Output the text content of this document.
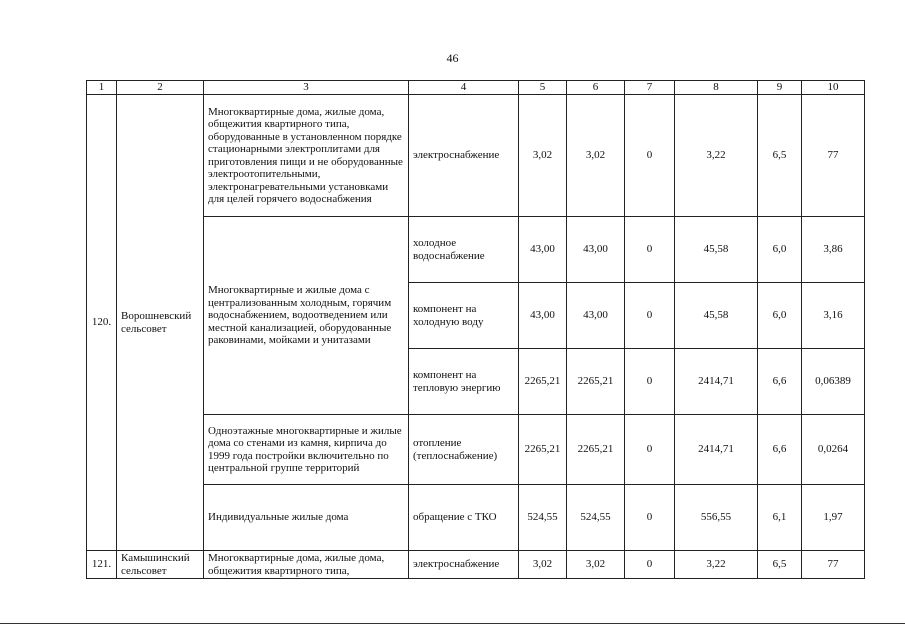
46
1	2	3	4	5	6	7	8	9	10
120.	Ворошневский сельсовет	Многоквартирные дома, жилые дома, общежития квартирного типа, оборудованные в установленном порядке стационарными электроплитами для приготовления пищи и не оборудованные электроотопительными, электронагревательными установками для целей горячего водоснабжения	электроснабжение	3,02	3,02	0	3,22	6,5	77
		Многоквартирные и жилые дома с централизованным холодным, горячим водоснабжением, водоотведением или местной канализацией, оборудованные раковинами, мойками и унитазами	холодное водоснабжение	43,00	43,00	0	45,58	6,0	3,86
			компонент на холодную воду	43,00	43,00	0	45,58	6,0	3,16
			компонент на тепловую энергию	2265,21	2265,21	0	2414,71	6,6	0,06389
		Одноэтажные многоквартирные и жилые дома со стенами из камня, кирпича до 1999 года постройки включительно по центральной группе территорий	отопление (теплоснабжение)	2265,21	2265,21	0	2414,71	6,6	0,0264
		Индивидуальные жилые дома	обращение с ТКО	524,55	524,55	0	556,55	6,1	1,97
121.	Камышинский сельсовет	Многоквартирные дома, жилые дома, общежития квартирного типа,	электроснабжение	3,02	3,02	0	3,22	6,5	77
